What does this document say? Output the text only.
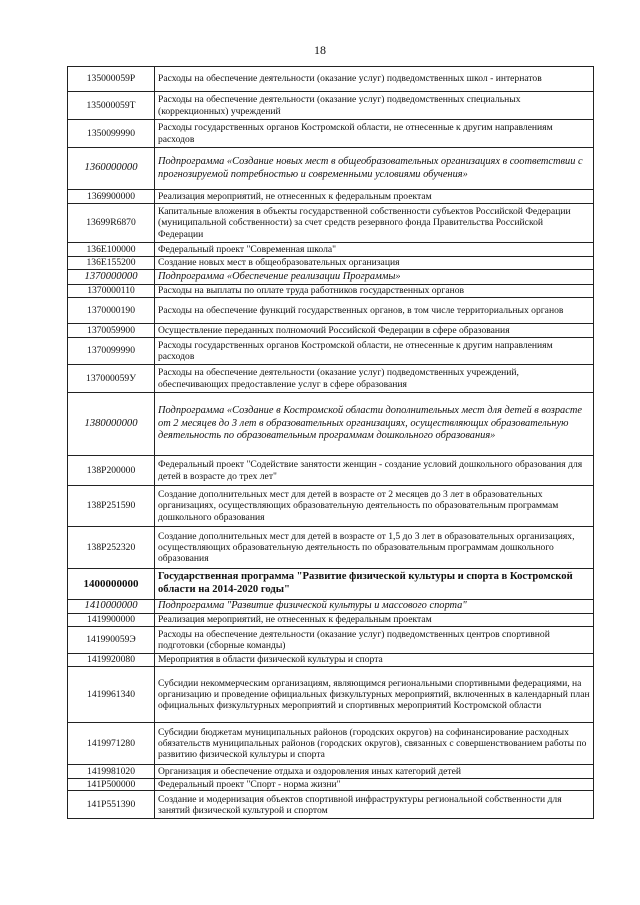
18
135000059Р	Расходы на обеспечение деятельности (оказание услуг) подведомственных школ - интернатов
135000059Т	Расходы на обеспечение деятельности (оказание услуг) подведомственных специальных (коррекционных) учреждений
1350099990	Расходы государственных органов Костромской области, не отнесенные к другим направлениям расходов
1360000000	Подпрограмма «Создание новых мест в общеобразовательных организациях в соответствии с прогнозируемой потребностью и современными условиями обучения»
1369900000	Реализация мероприятий, не отнесенных к федеральным проектам
13699R6870	Капитальные вложения в объекты государственной собственности субъектов Российской Федерации (муниципальной собственности) за счет средств резервного фонда Правительства Российской Федерации
136Е100000	Федеральный проект "Современная школа"
136Е155200	Создание новых мест в общеобразовательных организация
1370000000	Подпрограмма «Обеспечение реализации Программы»
1370000110	Расходы на выплаты по оплате труда работников государственных органов
1370000190	Расходы на обеспечение функций государственных органов, в том числе территориальных органов
1370059900	Осуществление переданных полномочий Российской Федерации в сфере образования
1370099990	Расходы государственных органов Костромской области, не отнесенные к другим направлениям расходов
137000059У	Расходы на обеспечение деятельности (оказание услуг) подведомственных учреждений, обеспечивающих предоставление услуг в сфере образования
1380000000	Подпрограмма «Создание в Костромской области дополнительных мест для детей в возрасте от 2 месяцев до 3 лет в образовательных организациях, осуществляющих образовательную деятельность по образовательным программам дошкольного образования»
138Р200000	Федеральный проект "Содействие занятости женщин - создание условий дошкольного образования для детей в возрасте до трех лет"
138Р251590	Создание дополнительных мест для детей в возрасте от 2 месяцев до 3 лет в образовательных организациях, осуществляющих образовательную деятельность по образовательным программам дошкольного образования
138Р252320	Создание дополнительных мест для детей в возрасте от 1,5 до 3 лет в образовательных организациях, осуществляющих образовательную деятельность по образовательным программам дошкольного образования
1400000000	Государственная программа "Развитие физической культуры и спорта в Костромской области на 2014-2020 годы"
1410000000	Подпрограмма "Развитие физической культуры и массового спорта"
1419900000	Реализация мероприятий, не отнесенных к федеральным проектам
141990059Э	Расходы на обеспечение деятельности (оказание услуг) подведомственных центров спортивной подготовки (сборные команды)
1419920080	Мероприятия в области физической культуры и спорта
1419961340	Субсидии некоммерческим организациям, являющимся региональными спортивными федерациями, на организацию и проведение официальных физкультурных мероприятий, включенных в календарный план официальных физкультурных мероприятий и спортивных мероприятий Костромской области
1419971280	Субсидии бюджетам муниципальных районов (городских округов) на софинансирование расходных обязательств муниципальных районов (городских округов), связанных с совершенствованием работы по развитию физической культуры и спорта
1419981020	Организация и обеспечение отдыха и оздоровления иных категорий детей
141Р500000	Федеральный проект "Спорт - норма жизни"
141Р551390	Создание и модернизация объектов спортивной инфраструктуры региональной собственности для занятий физической культурой и спортом
